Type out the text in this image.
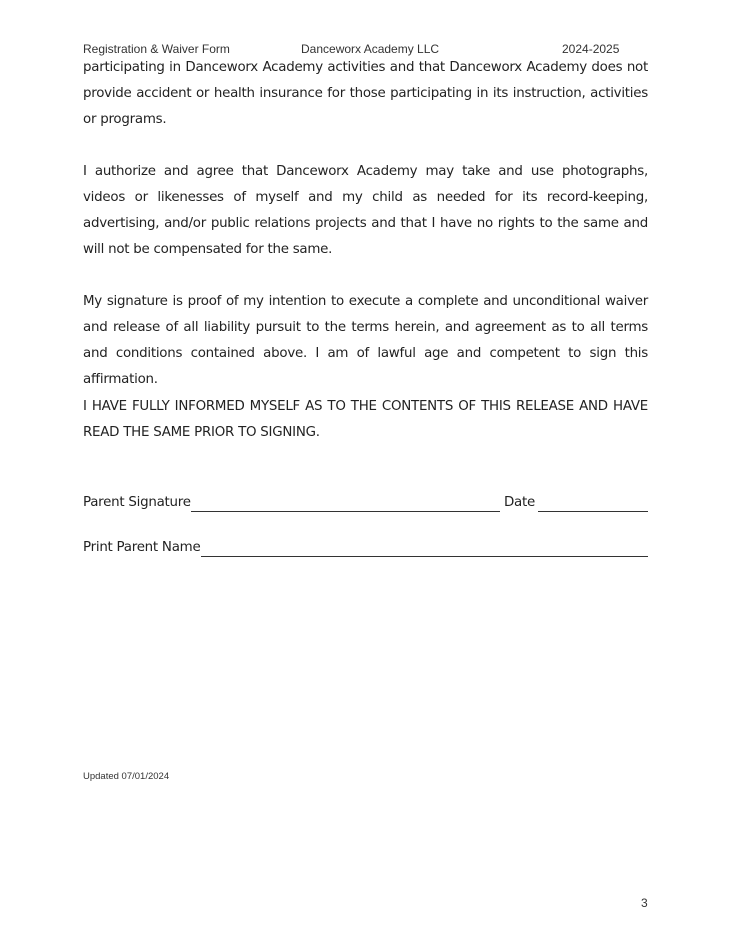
Registration & Waiver Form	Danceworx Academy LLC	2024-2025
participating in Danceworx Academy activities and that Danceworx Academy does not provide accident or health insurance for those participating in its instruction, activities or programs.
I authorize and agree that Danceworx Academy may take and use photographs, videos or likenesses of myself and my child as needed for its record-keeping, advertising, and/or public relations projects and that I have no rights to the same and will not be compensated for the same.
My signature is proof of my intention to execute a complete and unconditional waiver and release of all liability pursuit to the terms herein, and agreement as to all terms and conditions contained above. I am of lawful age and competent to sign this affirmation.
I HAVE FULLY INFORMED MYSELF AS TO THE CONTENTS OF THIS RELEASE AND HAVE READ THE SAME PRIOR TO SIGNING.
Parent Signature	Date
Print Parent Name
Updated 07/01/2024
3
